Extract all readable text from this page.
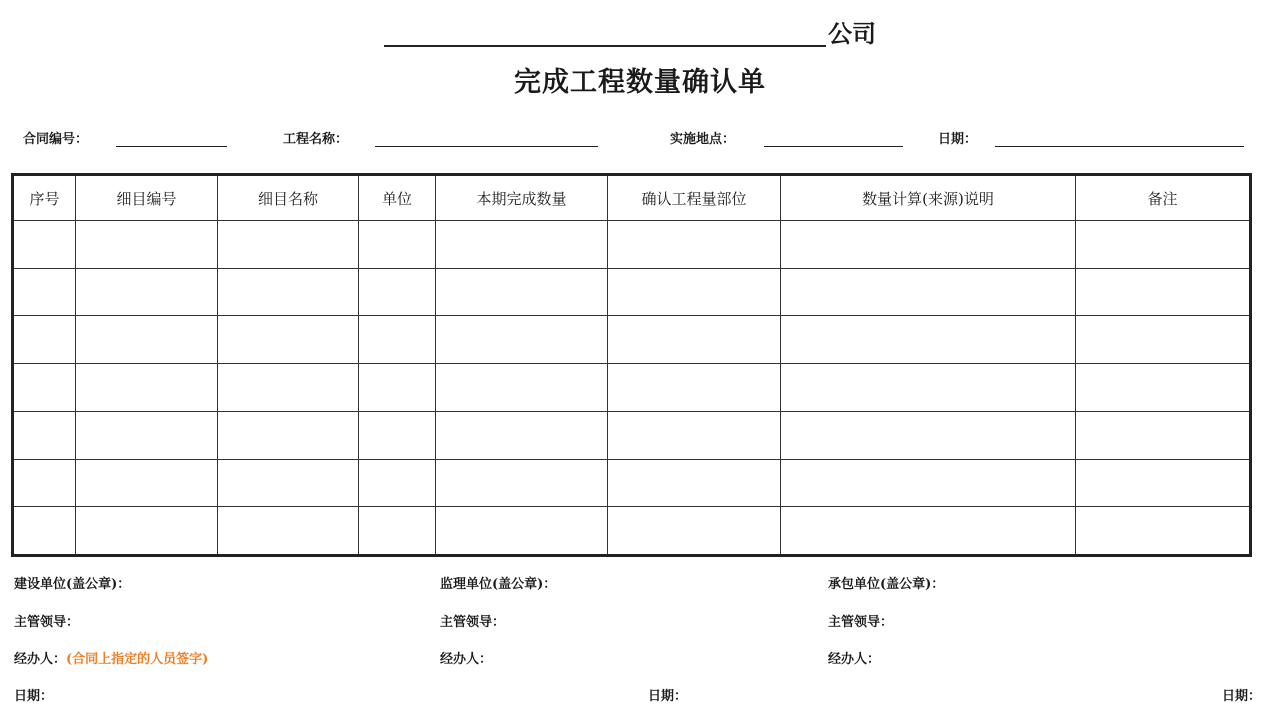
公司
完成工程数量确认单
合同编号：	工程名称：	实施地点：	日期：
序号	细目编号	细目名称	单位	本期完成数量	确认工程量部位	数量计算(来源)说明	备注

建设单位(盖公章)：	监理单位(盖公章)：	承包单位(盖公章)：
主管领导：	主管领导：	主管领导：
经办人：(合同上指定的人员签字)	经办人：	经办人：
日期：	日期：	日期：
